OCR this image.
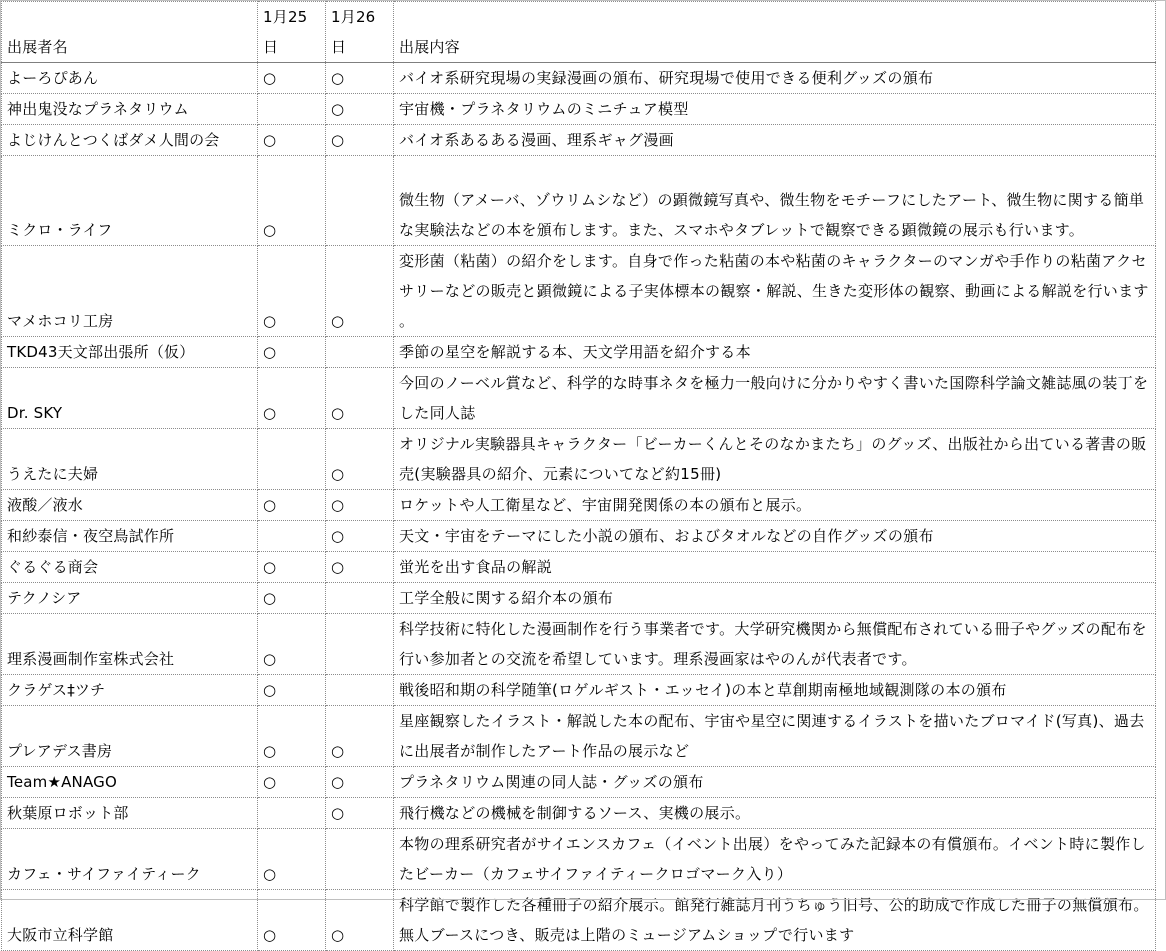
出展者名	1月25日	1月26日	出展内容
よーろぴあん	○	○	バイオ系研究現場の実録漫画の頒布、研究現場で使用できる便利グッズの頒布
神出鬼没なプラネタリウム		○	宇宙機・プラネタリウムのミニチュア模型
よじけんとつくばダメ人間の会	○	○	バイオ系あるある漫画、理系ギャグ漫画
ミクロ・ライフ	○		微生物（アメーバ、ゾウリムシなど）の顕微鏡写真や、微生物をモチーフにしたアート、微生物に関する簡単な実験法などの本を頒布します。また、スマホやタブレットで観察できる顕微鏡の展示も行います。
マメホコリ工房	○	○	変形菌（粘菌）の紹介をします。自身で作った粘菌の本や粘菌のキャラクターのマンガや手作りの粘菌アクセサリーなどの販売と顕微鏡による子実体標本の観察・解説、生きた変形体の観察、動画による解説を行います。
TKD43天文部出張所（仮）	○		季節の星空を解説する本、天文学用語を紹介する本
Dr. SKY	○	○	今回のノーベル賞など、科学的な時事ネタを極力一般向けに分かりやすく書いた国際科学論文雑誌風の装丁をした同人誌
うえたに夫婦		○	オリジナル実験器具キャラクター「ビーカーくんとそのなかまたち」のグッズ、出版社から出ている著書の販売(実験器具の紹介、元素についてなど約15冊)
液酸／液水	○	○	ロケットや人工衛星など、宇宙開発関係の本の頒布と展示。
和紗泰信・夜空鳥試作所		○	天文・宇宙をテーマにした小説の頒布、およびタオルなどの自作グッズの頒布
ぐるぐる商会	○	○	蛍光を出す食品の解説
テクノシア	○		工学全般に関する紹介本の頒布
理系漫画制作室株式会社	○		科学技術に特化した漫画制作を行う事業者です。大学研究機関から無償配布されている冊子やグッズの配布を行い参加者との交流を希望しています。理系漫画家はやのんが代表者です。
クラゲス‡ツチ	○		戦後昭和期の科学随筆(ロゲルギスト・エッセイ)の本と草創期南極地域観測隊の本の頒布
プレアデス書房	○	○	星座観察したイラスト・解説した本の配布、宇宙や星空に関連するイラストを描いたブロマイド(写真)、過去に出展者が制作したアート作品の展示など
Team★ANAGO	○	○	プラネタリウム関連の同人誌・グッズの頒布
秋葉原ロボット部		○	飛行機などの機械を制御するソース、実機の展示。
カフェ・サイファイティーク	○		本物の理系研究者がサイエンスカフェ（イベント出展）をやってみた記録本の有償頒布。イベント時に製作したビーカー（カフェサイファイティークロゴマーク入り）
大阪市立科学館	○	○	科学館で製作した各種冊子の紹介展示。館発行雑誌月刊うちゅう旧号、公的助成で作成した冊子の無償頒布。無人ブースにつき、販売は上階のミュージアムショップで行います
